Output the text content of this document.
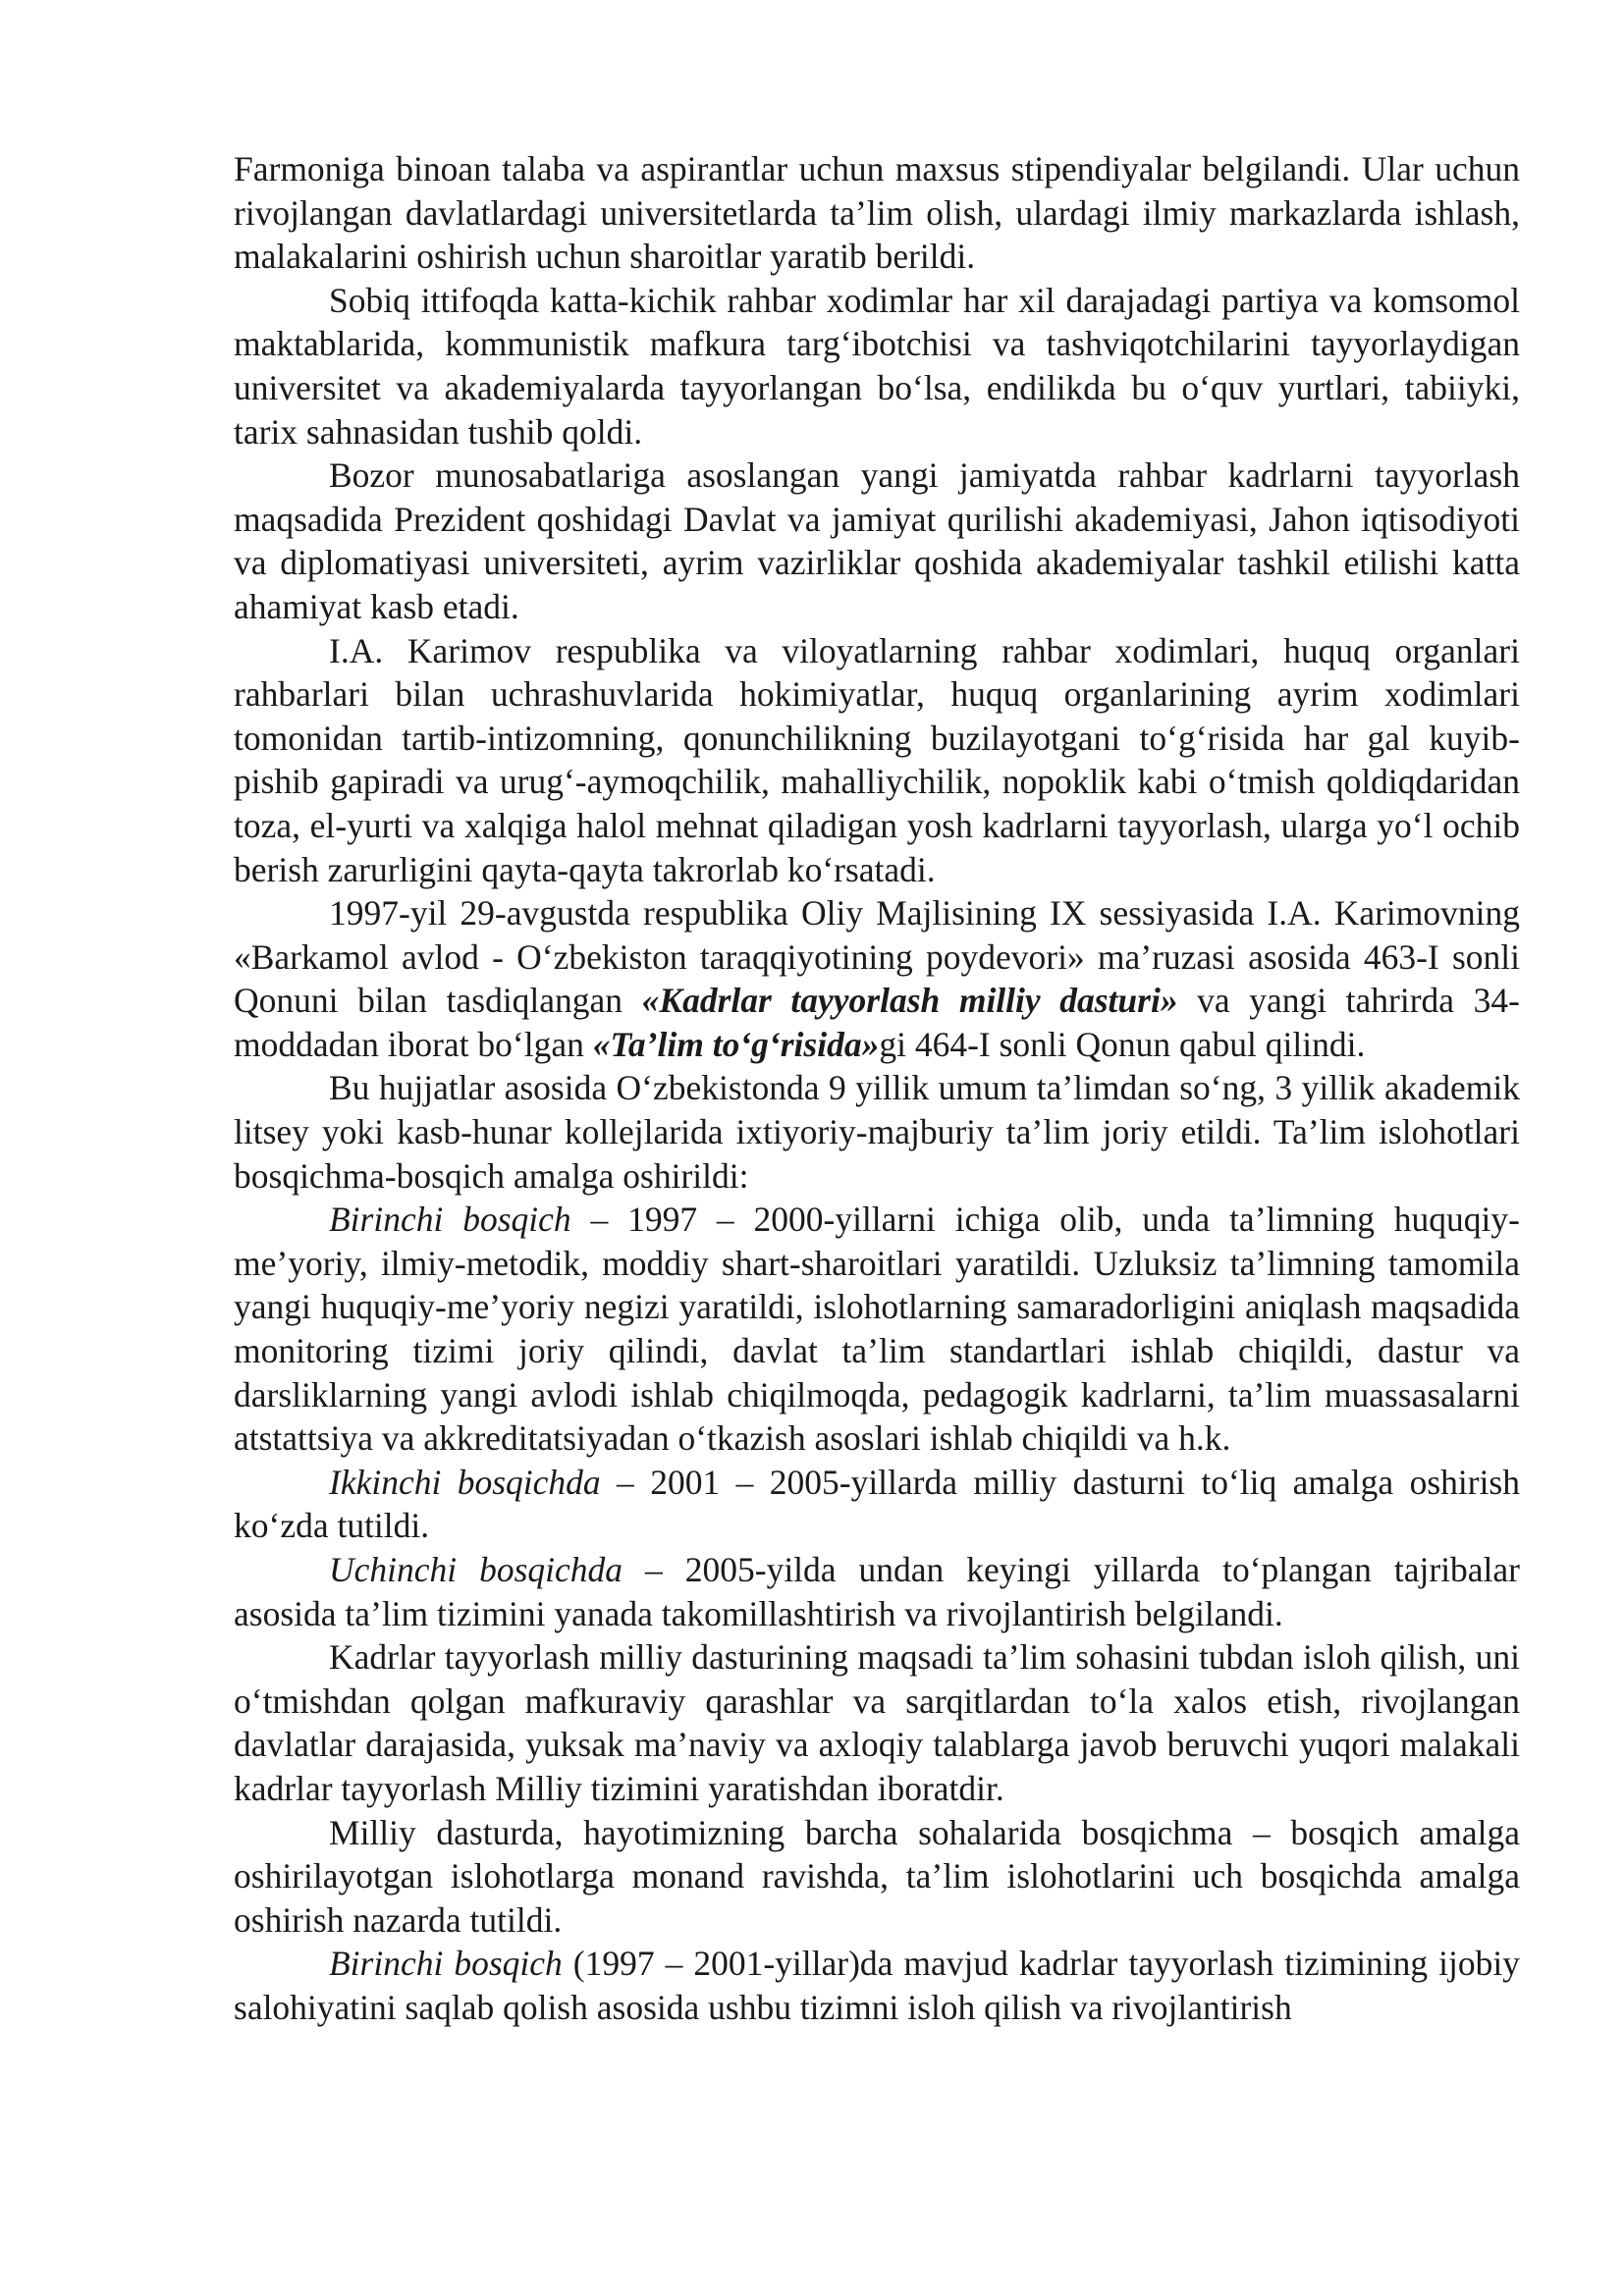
Farmoniga binoan talaba va aspirantlar uchun maxsus stipendiyalar belgilandi. Ular uchun rivojlangan davlatlardagi universitetlarda ta’lim olish, ulardagi ilmiy markazlarda ishlash, malakalarini oshirish uchun sharoitlar yaratib berildi.

Sobiq ittifoqda katta-kichik rahbar xodimlar har xil darajadagi partiya va komsomol maktablarida, kommunistik mafkura targ‘ibotchisi va tashviqotchilarini tayyorlaydigan universitet va akademiyalarda tayyorlangan bo‘lsa, endilikda bu o‘quv yurtlari, tabiiyki, tarix sahnasidan tushib qoldi.

Bozor munosabatlariga asoslangan yangi jamiyatda rahbar kadrlarni tayyorlash maqsadida Prezident qoshidagi Davlat va jamiyat qurilishi akademiyasi, Jahon iqtisodiyoti va diplomatiyasi universiteti, ayrim vazirliklar qoshida akademiyalar tashkil etilishi katta ahamiyat kasb etadi.

I.A. Karimov respublika va viloyatlarning rahbar xodimlari, huquq organlari rahbarlari bilan uchrashuvlarida hokimiyatlar, huquq organlarining ayrim xodimlari tomonidan tartib-intizomning, qonunchilikning buzilayotgani to‘g‘risida har gal kuyib-pishib gapiradi va urug‘-aymoqchilik, mahalliychilik, nopoklik kabi o‘tmish qoldiqdaridan toza, el-yurti va xalqiga halol mehnat qiladigan yosh kadrlarni tayyorlash, ularga yo‘l ochib berish zarurligini qayta-qayta takrorlab ko‘rsatadi.

1997-yil 29-avgustda respublika Oliy Majlisining IX sessiyasida I.A. Karimovning «Barkamol avlod - O‘zbekiston taraqqiyotining poydevori» ma’ruzasi asosida 463-I sonli Qonuni bilan tasdiqlangan «Kadrlar tayyorlash milliy dasturi» va yangi tahrirda 34-moddadan iborat bo‘lgan «Ta’lim to‘g‘risida»gi 464-I sonli Qonun qabul qilindi.

Bu hujjatlar asosida O‘zbekistonda 9 yillik umum ta’limdan so‘ng, 3 yillik akademik litsey yoki kasb-hunar kollejlarida ixtiyoriy-majburiy ta’lim joriy etildi. Ta’lim islohotlari bosqichma-bosqich amalga oshirildi:

Birinchi bosqich – 1997 – 2000-yillarni ichiga olib, unda ta’limning huquqiy-me’yoriy, ilmiy-metodik, moddiy shart-sharoitlari yaratildi. Uzluksiz ta’limning tamomila yangi huquqiy-me’yoriy negizi yaratildi, islohotlarning samaradorligini aniqlash maqsadida monitoring tizimi joriy qilindi, davlat ta’lim standartlari ishlab chiqildi, dastur va darsliklarning yangi avlodi ishlab chiqilmoqda, pedagogik kadrlarni, ta’lim muassasalarni atstattsiya va akkreditatsiyadan o‘tkazish asoslari ishlab chiqildi va h.k.

Ikkinchi bosqichda – 2001 – 2005-yillarda milliy dasturni to‘liq amalga oshirish ko‘zda tutildi.

Uchinchi bosqichda – 2005-yilda undan keyingi yillarda to‘plangan tajribalar asosida ta’lim tizimini yanada takomillashtirish va rivojlantirish belgilandi.

Kadrlar tayyorlash milliy dasturining maqsadi ta’lim sohasini tubdan isloh qilish, uni o‘tmishdan qolgan mafkuraviy qarashlar va sarqitlardan to‘la xalos etish, rivojlangan davlatlar darajasida, yuksak ma’naviy va axloqiy talablarga javob beruvchi yuqori malakali kadrlar tayyorlash Milliy tizimini yaratishdan iboratdir.

Milliy dasturda, hayotimizning barcha sohalarida bosqichma – bosqich amalga oshirilayotgan islohotlarga monand ravishda, ta’lim islohotlarini uch bosqichda amalga oshirish nazarda tutildi.

Birinchi bosqich (1997 – 2001-yillar)da mavjud kadrlar tayyorlash tizimining ijobiy salohiyatini saqlab qolish asosida ushbu tizimni isloh qilish va rivojlantirish
